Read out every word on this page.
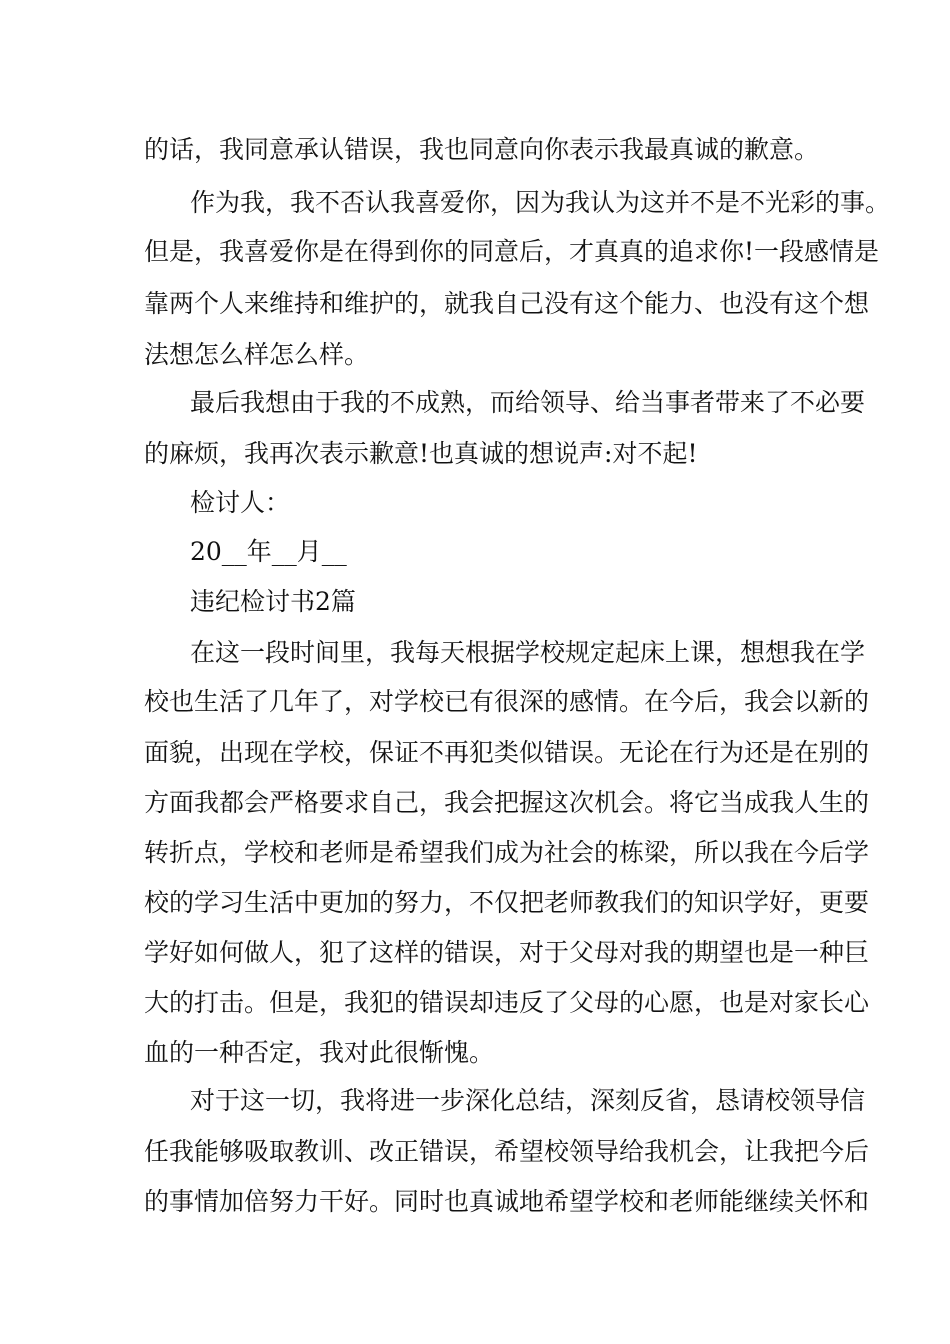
的话，我同意承认错误，我也同意向你表示我最真诚的歉意。
作为我，我不否认我喜爱你，因为我认为这并不是不光彩的事。
但是，我喜爱你是在得到你的同意后，才真真的追求你!一段感情是
靠两个人来维持和维护的，就我自己没有这个能力、也没有这个想
法想怎么样怎么样。
最后我想由于我的不成熟，而给领导、给当事者带来了不必要
的麻烦，我再次表示歉意!也真诚的想说声:对不起!
检讨人：
20__年__月__
违纪检讨书2篇
在这一段时间里，我每天根据学校规定起床上课，想想我在学
校也生活了几年了，对学校已有很深的感情。在今后，我会以新的
面貌，出现在学校，保证不再犯类似错误。无论在行为还是在别的
方面我都会严格要求自己，我会把握这次机会。将它当成我人生的
转折点，学校和老师是希望我们成为社会的栋梁，所以我在今后学
校的学习生活中更加的努力，不仅把老师教我们的知识学好，更要
学好如何做人，犯了这样的错误，对于父母对我的期望也是一种巨
大的打击。但是，我犯的错误却违反了父母的心愿，也是对家长心
血的一种否定，我对此很惭愧。
对于这一切，我将进一步深化总结，深刻反省，恳请校领导信
任我能够吸取教训、改正错误，希望校领导给我机会，让我把今后
的事情加倍努力干好。同时也真诚地希望学校和老师能继续关怀和
